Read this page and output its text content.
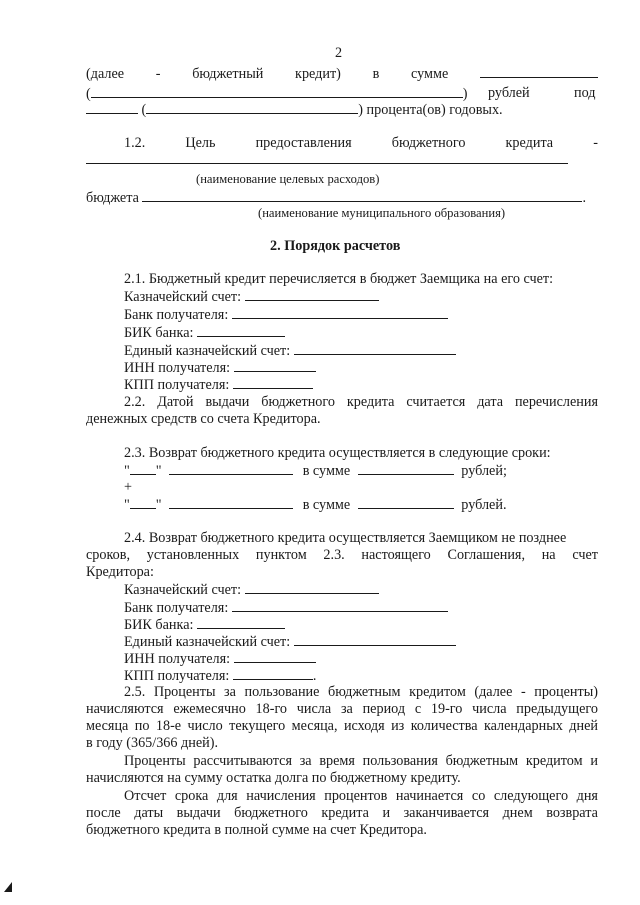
2
(далее - бюджетный кредит) в сумме
(	) рублей	под
(	) процента(ов) годовых.
1.2.	Цель	предоставления	бюджетного	кредита	-
(наименование целевых расходов)
бюджета	.
(наименование муниципального образования)
2. Порядок расчетов
2.1. Бюджетный кредит перечисляется в бюджет Заемщика на его счет:
Казначейский счет:
Банк получателя:
БИК банка:
Единый казначейский счет:
ИНН получателя:
КПП получателя:
2.2. Датой выдачи бюджетного кредита считается дата перечисления
денежных средств со счета Кредитора.
2.3. Возврат бюджетного кредита осуществляется в следующие сроки:
" "	в сумме	рублей;
+
" "	в сумме	рублей.
2.4. Возврат бюджетного кредита осуществляется Заемщиком не позднее
сроков, установленных пунктом 2.3. настоящего Соглашения, на счет
Кредитора:
Казначейский счет:
Банк получателя:
БИК банка:
Единый казначейский счет:
ИНН получателя:
КПП получателя:	.
2.5. Проценты за пользование бюджетным кредитом (далее - проценты)
начисляются ежемесячно 18-го числа за период с 19-го числа предыдущего
месяца по 18-е число текущего месяца, исходя из количества календарных дней
в году (365/366 дней).
Проценты рассчитываются за время пользования бюджетным кредитом и
начисляются на сумму остатка долга по бюджетному кредиту.
Отсчет срока для начисления процентов начинается со следующего дня
после даты выдачи бюджетного кредита и заканчивается днем возврата
бюджетного кредита в полной сумме на счет Кредитора.
